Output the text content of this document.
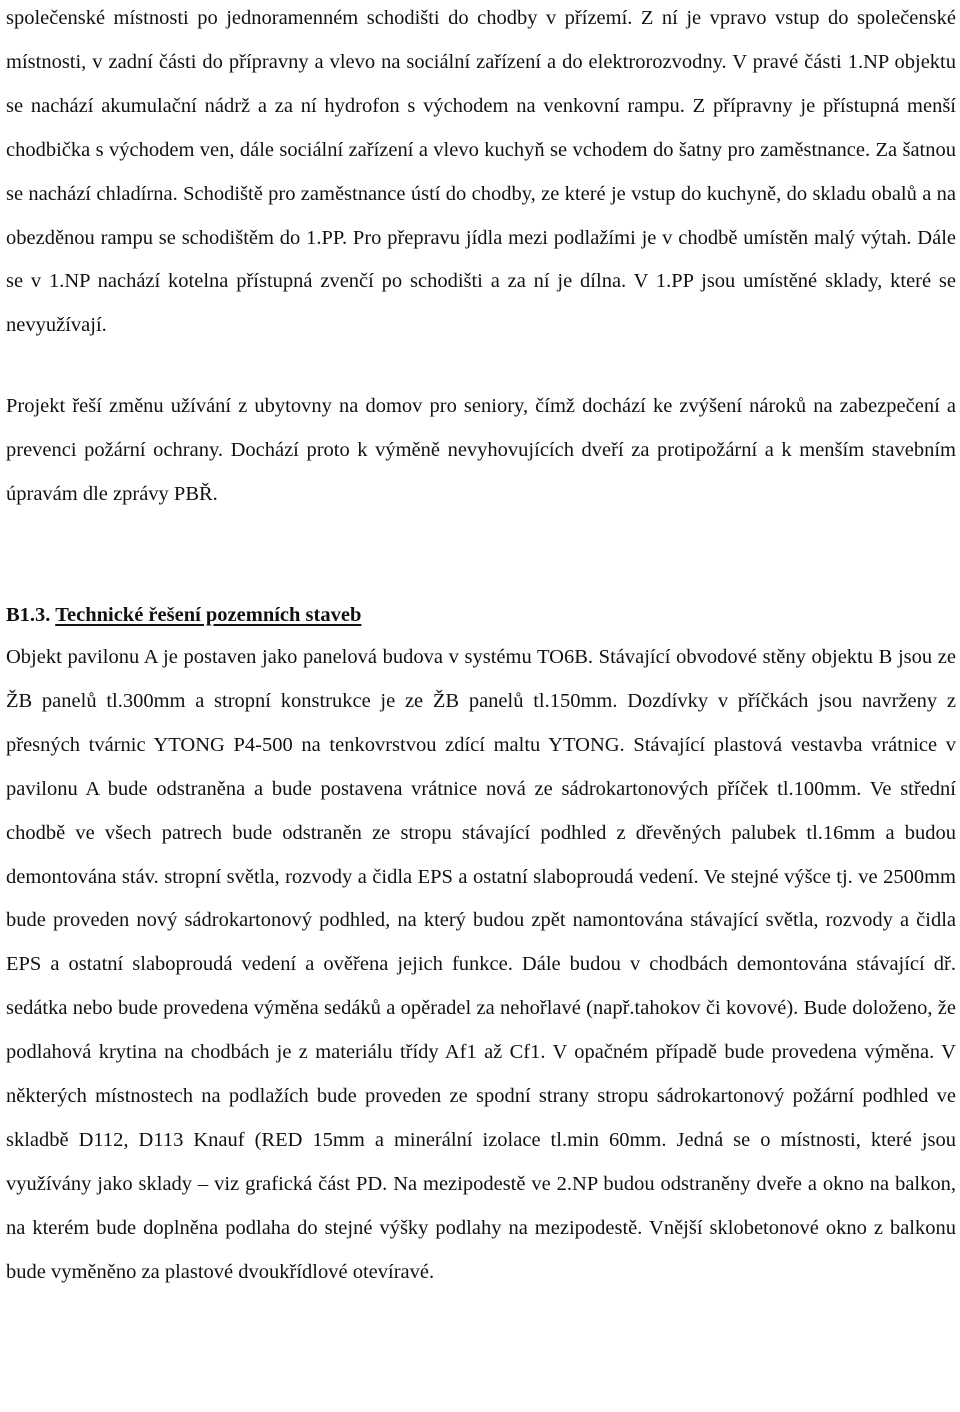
společenské místnosti po jednoramenném schodišti do chodby v přízemí. Z ní je vpravo vstup do společenské místnosti, v zadní části do přípravny a vlevo na sociální zařízení a do elektrorozvodny. V pravé části 1.NP objektu se nachází akumulační nádrž a za ní hydrofon s východem na venkovní rampu. Z přípravny je přístupná menší chodbička s východem ven, dále sociální zařízení a vlevo kuchyň se vchodem do šatny pro zaměstnance. Za šatnou se nachází chladírna. Schodiště pro zaměstnance ústí do chodby, ze které je vstup do kuchyně, do skladu obalů a na obezděnou rampu se schodištěm do 1.PP. Pro přepravu jídla mezi podlažími je v chodbě umístěn malý výtah. Dále se v 1.NP nachází kotelna přístupná zvenčí po schodišti a za ní je dílna. V 1.PP jsou umístěné sklady, které se nevyužívají.

Projekt řeší změnu užívání z ubytovny na domov pro seniory, čímž dochází ke zvýšení nároků na zabezpečení a prevenci požární ochrany. Dochází proto k výměně nevyhovujících dveří za protipožární a k menším stavebním úpravám dle zprávy PBŘ.

B1.3. Technické řešení pozemních staveb

Objekt pavilonu A je postaven jako panelová budova v systému TO6B. Stávající obvodové stěny objektu B jsou ze ŽB panelů tl.300mm a stropní konstrukce je ze ŽB panelů tl.150mm. Dozdívky v příčkách jsou navrženy z přesných tvárnic YTONG P4-500 na tenkovrstvou zdící maltu YTONG. Stávající plastová vestavba vrátnice v pavilonu A bude odstraněna a bude postavena vrátnice nová ze sádrokartonových příček tl.100mm. Ve střední chodbě ve všech patrech bude odstraněn ze stropu stávající podhled z dřevěných palubek tl.16mm a budou demontována stáv. stropní světla, rozvody a čidla EPS a ostatní slaboproudá vedení. Ve stejné výšce tj. ve 2500mm bude proveden nový sádrokartonový podhled, na který budou zpět namontována stávající světla, rozvody a čidla EPS a ostatní slaboproudá vedení a ověřena jejich funkce. Dále budou v chodbách demontována stávající dř. sedátka nebo bude provedena výměna sedáků a opěradel za nehořlavé (např.tahokov či kovové). Bude doloženo, že podlahová krytina na chodbách je z materiálu třídy Af1 až Cf1. V opačném případě bude provedena výměna. V některých místnostech na podlažích bude proveden ze spodní strany stropu sádrokartonový požární podhled ve skladbě D112, D113 Knauf (RED 15mm a minerální izolace tl.min 60mm. Jedná se o místnosti, které jsou využívány jako sklady – viz grafická část PD. Na mezipodestě ve 2.NP budou odstraněny dveře a okno na balkon, na kterém bude doplněna podlaha do stejné výšky podlahy na mezipodestě. Vnější sklobetonové okno z balkonu bude vyměněno za plastové dvoukřídlové otevíravé.
